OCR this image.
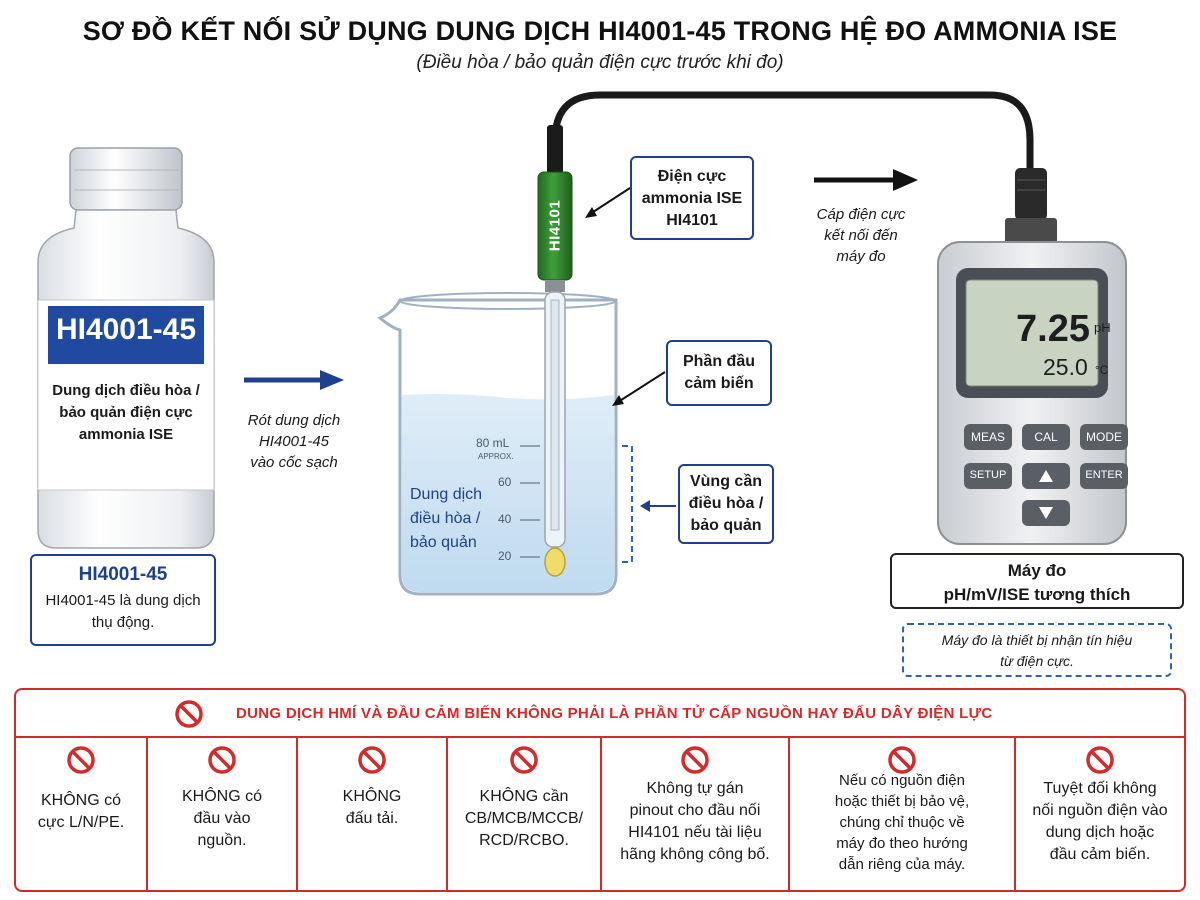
SƠ ĐỒ KẾT NỐI SỬ DỤNG DUNG DỊCH HI4001-45 TRONG HỆ ĐO AMMONIA ISE
(Điều hòa / bảo quản điện cực trước khi đo)
HI4001-45
Dung dịch điều hòa /
bảo quản điện cực
ammonia ISE
HI4001-45
HI4001-45 là dung dịch
thụ động.
Rót dung dịch
HI4001-45
vào cốc sạch
HI4101
80 mL
APPROX.
60
40
20
Dung dịch
điều hòa /
bảo quản
Điện cực
ammonia ISE
HI4101
Phần đầu
cảm biến
Vùng cần
điều hòa /
bảo quản
Cáp điện cực
kết nối đến
máy đo
7.25 pH
25.0 °C
MEAS	CAL	MODE
SETUP	ENTER
Máy đo
pH/mV/ISE tương thích
Máy đo là thiết bị nhận tín hiệu
từ điện cực.
DUNG DỊCH HMÍ VÀ ĐẦU CẢM BIẾN KHÔNG PHẢI LÀ PHẦN TỬ CẤP NGUỒN HAY ĐẤU DÂY ĐIỆN LỰC
KHÔNG có
cực L/N/PE.
KHÔNG có
đầu vào
nguồn.
KHÔNG
đấu tải.
KHÔNG cần
CB/MCB/MCCB/
RCD/RCBO.
Không tự gán
pinout cho đầu nối
HI4101 nếu tài liệu
hãng không công bố.
Nếu có nguồn điện
hoặc thiết bị bảo vệ,
chúng chỉ thuộc về
máy đo theo hướng
dẫn riêng của máy.
Tuyệt đối không
nối nguồn điện vào
dung dịch hoặc
đầu cảm biến.
